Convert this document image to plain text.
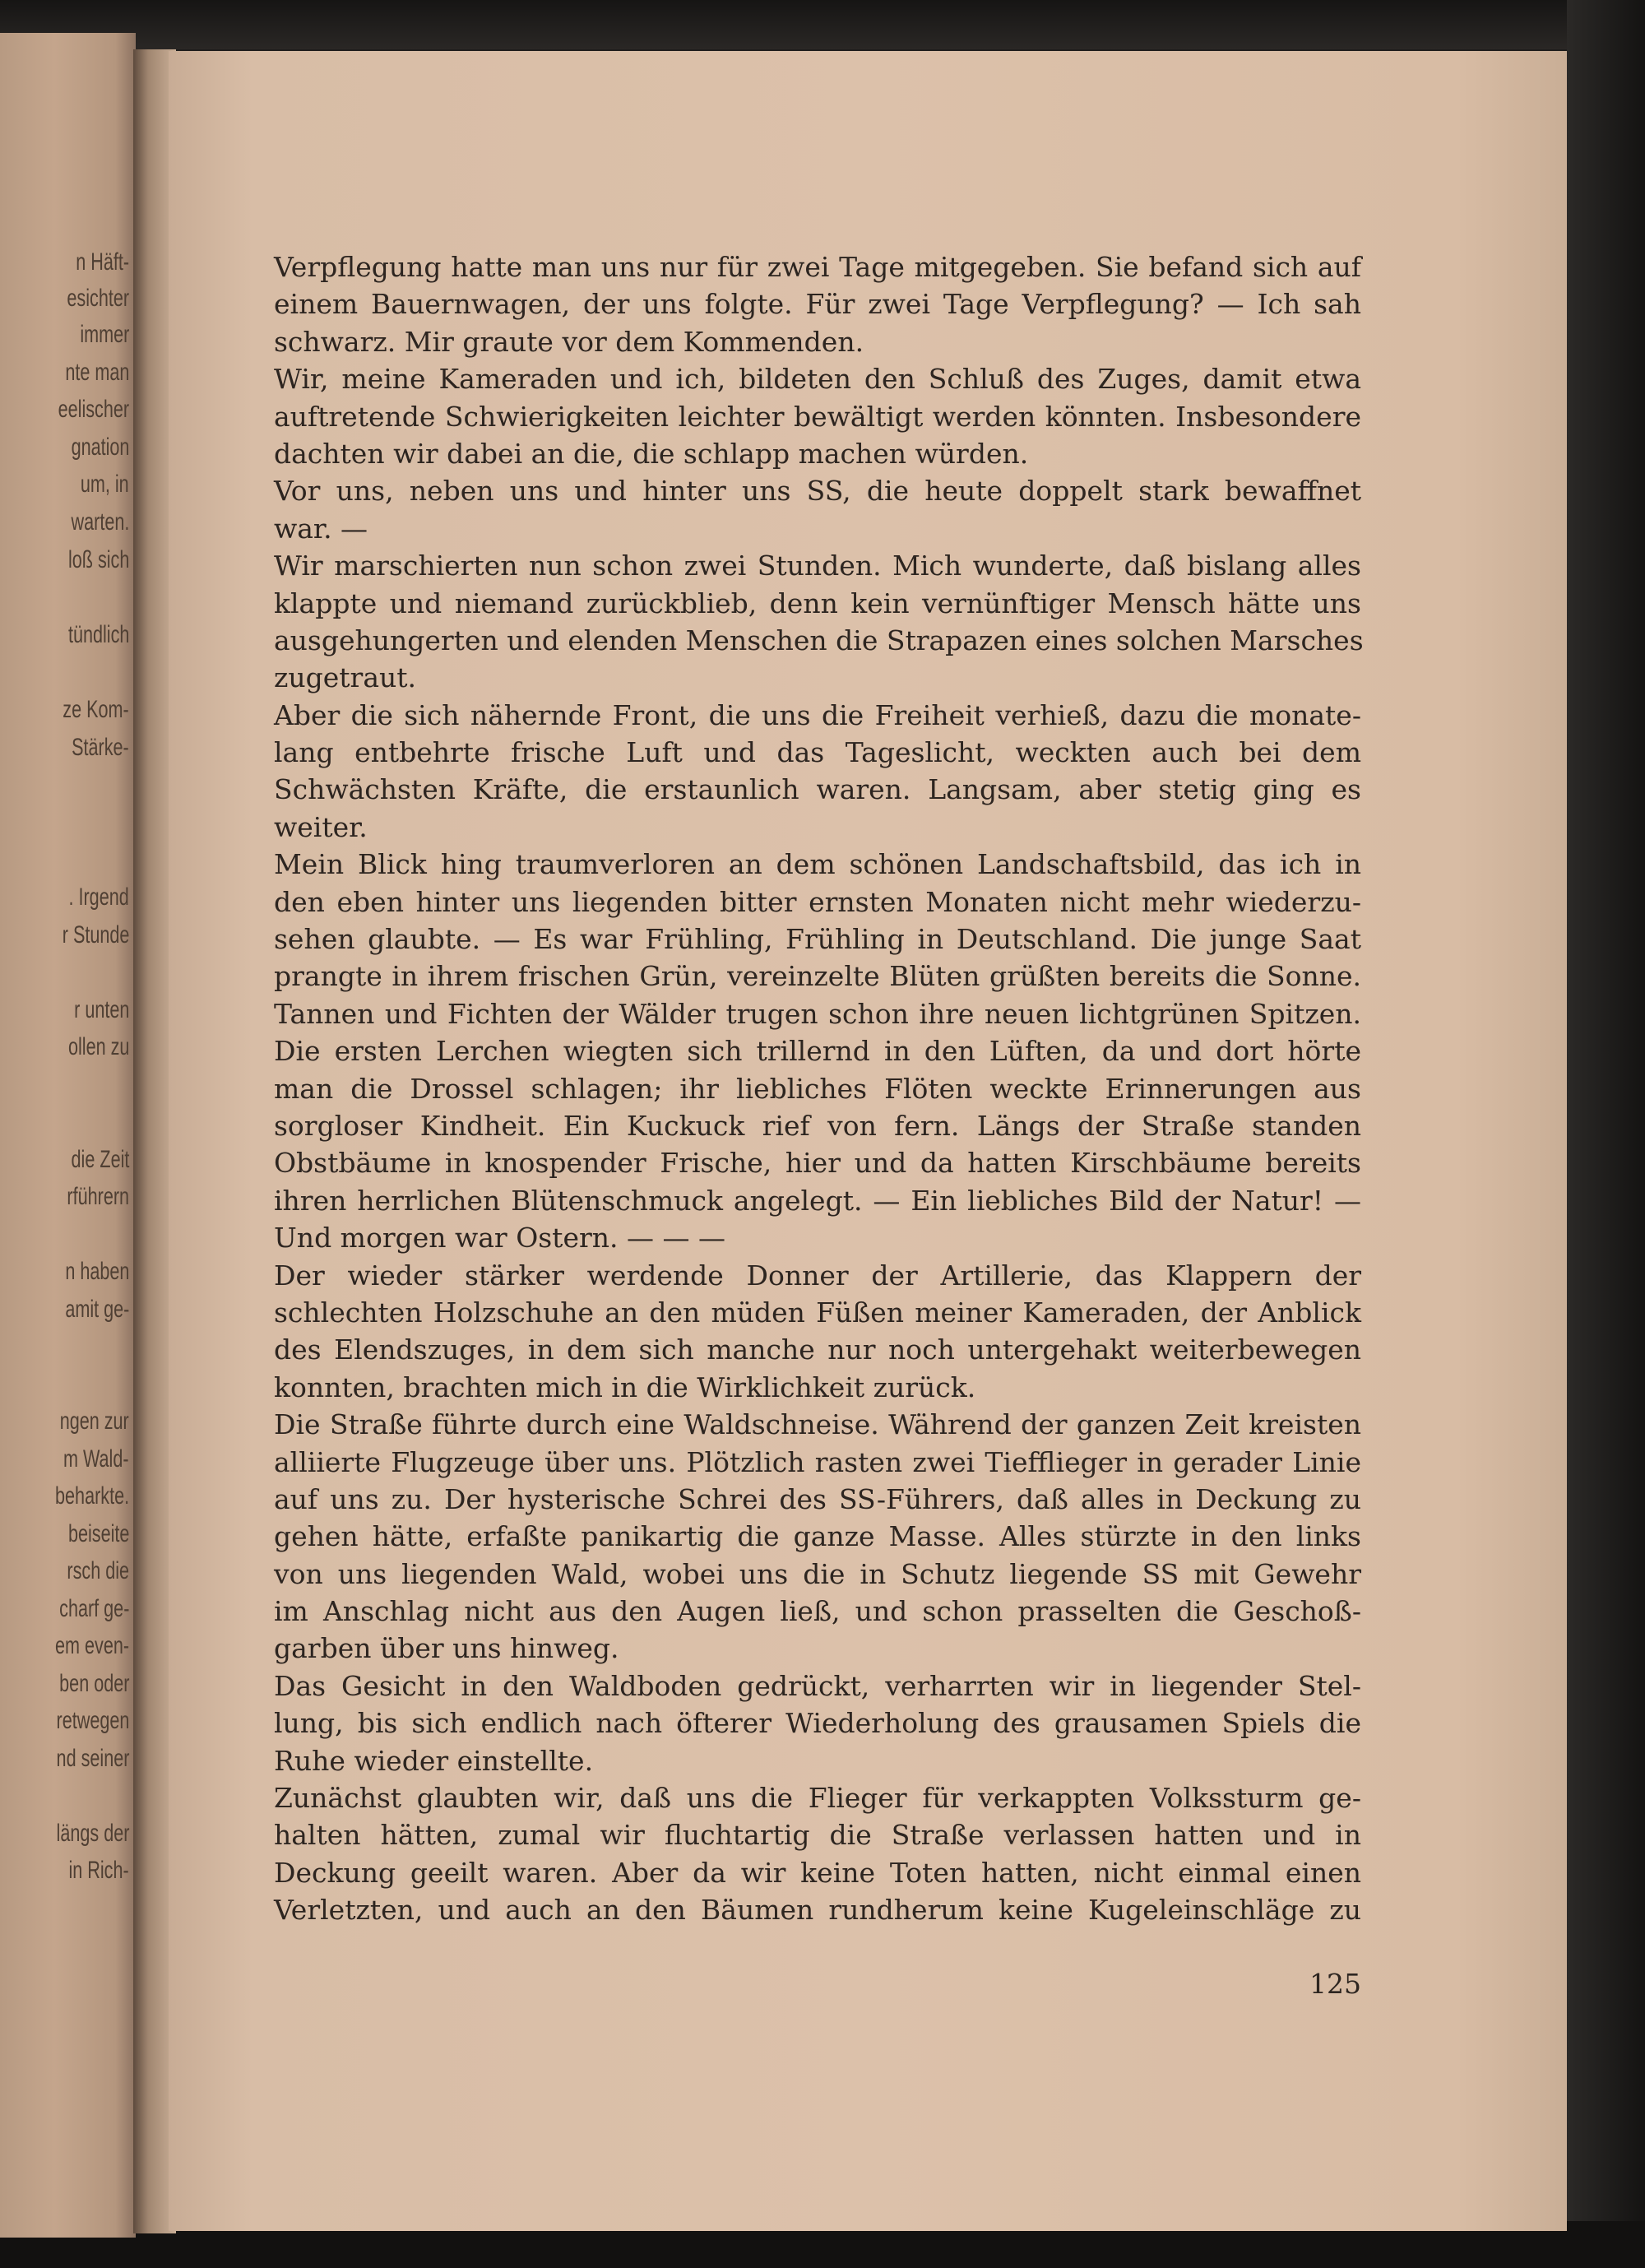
n Häft-
esichter
immer
nte man
eelischer
gnation
um, in
warten.
loß sich
tündlich
ze Kom-
Stärke-
. Irgend
r Stunde
r unten
ollen zu
die Zeit
rführern
n haben
amit ge-
ngen zur
m Wald-
beharkte.
beiseite
rsch die
charf ge-
em even-
ben oder
retwegen
nd seiner
längs der
in Rich-
Verpflegung hatte man uns nur für zwei Tage mitgegeben. Sie befand sich auf
einem Bauernwagen, der uns folgte. Für zwei Tage Verpflegung? — Ich sah
schwarz. Mir graute vor dem Kommenden.
Wir, meine Kameraden und ich, bildeten den Schluß des Zuges, damit etwa
auftretende Schwierigkeiten leichter bewältigt werden könnten. Insbesondere
dachten wir dabei an die, die schlapp machen würden.
Vor uns, neben uns und hinter uns SS, die heute doppelt stark bewaffnet
war. —
Wir marschierten nun schon zwei Stunden. Mich wunderte, daß bislang alles
klappte und niemand zurückblieb, denn kein vernünftiger Mensch hätte uns
ausgehungerten und elenden Menschen die Strapazen eines solchen Marsches
zugetraut.
Aber die sich nähernde Front, die uns die Freiheit verhieß, dazu die monate-
lang entbehrte frische Luft und das Tageslicht, weckten auch bei dem
Schwächsten Kräfte, die erstaunlich waren. Langsam, aber stetig ging es
weiter.
Mein Blick hing traumverloren an dem schönen Landschaftsbild, das ich in
den eben hinter uns liegenden bitter ernsten Monaten nicht mehr wiederzu-
sehen glaubte. — Es war Frühling, Frühling in Deutschland. Die junge Saat
prangte in ihrem frischen Grün, vereinzelte Blüten grüßten bereits die Sonne.
Tannen und Fichten der Wälder trugen schon ihre neuen lichtgrünen Spitzen.
Die ersten Lerchen wiegten sich trillernd in den Lüften, da und dort hörte
man die Drossel schlagen; ihr liebliches Flöten weckte Erinnerungen aus
sorgloser Kindheit. Ein Kuckuck rief von fern. Längs der Straße standen
Obstbäume in knospender Frische, hier und da hatten Kirschbäume bereits
ihren herrlichen Blütenschmuck angelegt. — Ein liebliches Bild der Natur! —
Und morgen war Ostern. — — —
Der wieder stärker werdende Donner der Artillerie, das Klappern der
schlechten Holzschuhe an den müden Füßen meiner Kameraden, der Anblick
des Elendszuges, in dem sich manche nur noch untergehakt weiterbewegen
konnten, brachten mich in die Wirklichkeit zurück.
Die Straße führte durch eine Waldschneise. Während der ganzen Zeit kreisten
alliierte Flugzeuge über uns. Plötzlich rasten zwei Tiefflieger in gerader Linie
auf uns zu. Der hysterische Schrei des SS-Führers, daß alles in Deckung zu
gehen hätte, erfaßte panikartig die ganze Masse. Alles stürzte in den links
von uns liegenden Wald, wobei uns die in Schutz liegende SS mit Gewehr
im Anschlag nicht aus den Augen ließ, und schon prasselten die Geschoß-
garben über uns hinweg.
Das Gesicht in den Waldboden gedrückt, verharrten wir in liegender Stel-
lung, bis sich endlich nach öfterer Wiederholung des grausamen Spiels die
Ruhe wieder einstellte.
Zunächst glaubten wir, daß uns die Flieger für verkappten Volkssturm ge-
halten hätten, zumal wir fluchtartig die Straße verlassen hatten und in
Deckung geeilt waren. Aber da wir keine Toten hatten, nicht einmal einen
Verletzten, und auch an den Bäumen rundherum keine Kugeleinschläge zu
125
